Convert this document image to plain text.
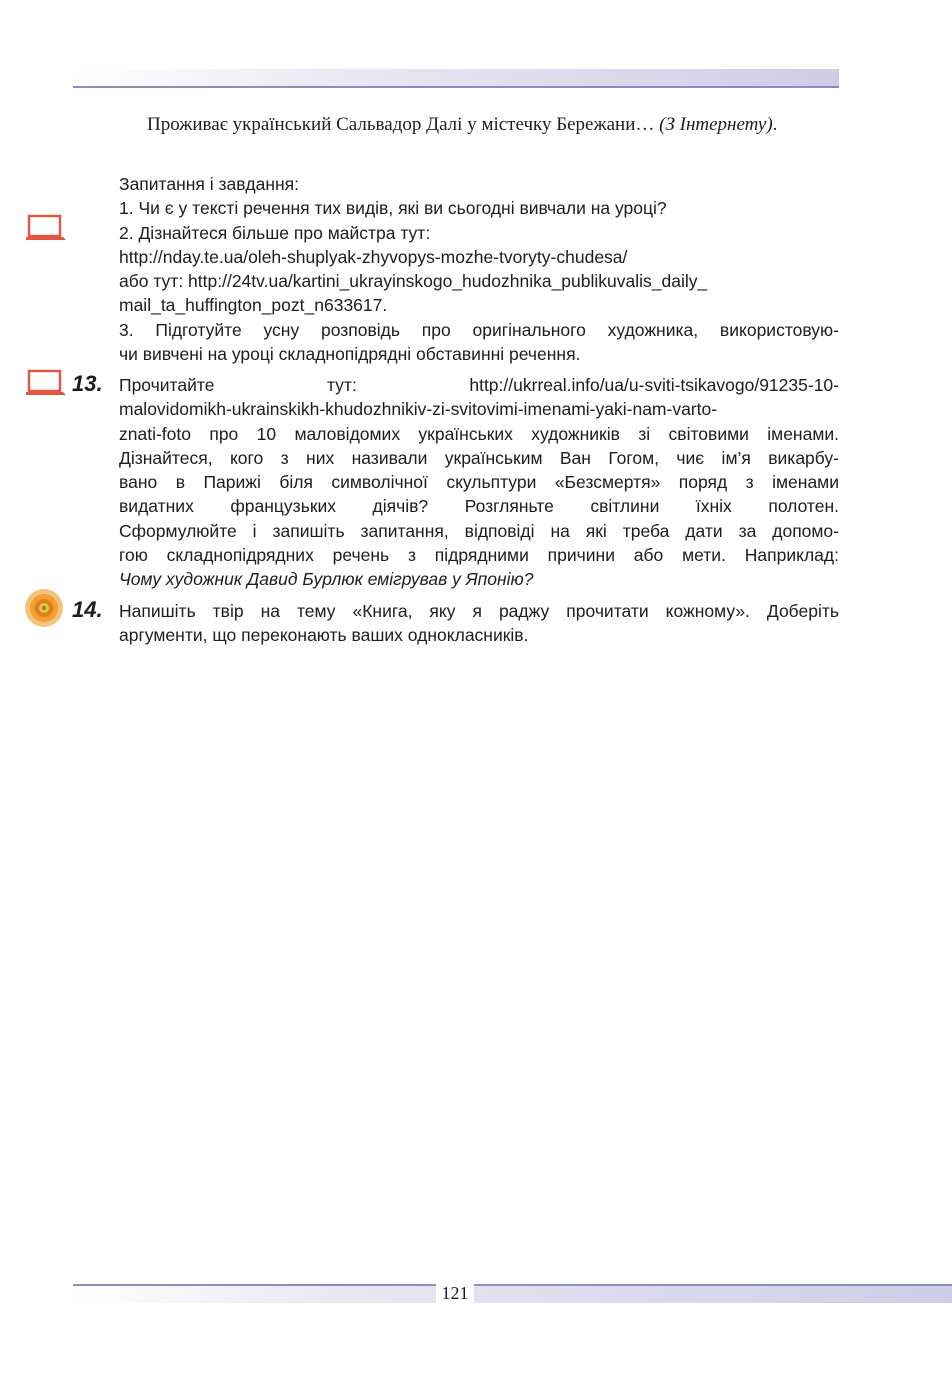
Проживає український Сальвадор Далі у містечку Бережани… (З Інтернету).

Запитання і завдання:
1. Чи є у тексті речення тих видів, які ви сьогодні вивчали на уроці?
2. Дізнайтеся більше про майстра тут:
http://nday.te.ua/oleh-shuplyak-zhyvopys-mozhe-tvoryty-chudesa/
або тут: http://24tv.ua/kartini_ukrayinskogo_hudozhnika_publikuvalis_daily_
mail_ta_huffington_pozt_n633617.
3. Підготуйте усну розповідь про оригінального художника, використовую-
чи вивчені на уроці складнопідрядні обставинні речення.
13. Прочитайте тут: http://ukrreal.info/ua/u-sviti-tsikavogo/91235-10-
malovidomikh-ukrainskikh-khudozhnikiv-zi-svitovimi-imenami-yaki-nam-varto-
znati-foto про 10 маловідомих українських художників зі світовими іменами.
Дізнайтеся, кого з них називали українським Ван Гогом, чиє ім’я викарбу-
вано в Парижі біля символічної скульптури «Безсмертя» поряд з іменами
видатних французьких діячів? Розгляньте світлини їхніх полотен.
Сформулюйте і запишіть запитання, відповіді на які треба дати за допомо-
гою складнопідрядних речень з підрядними причини або мети. Наприклад:
Чому художник Давид Бурлюк емігрував у Японію?
14. Напишіть твір на тему «Книга, яку я раджу прочитати кожному». Доберіть
аргументи, що переконають ваших однокласників.
121
